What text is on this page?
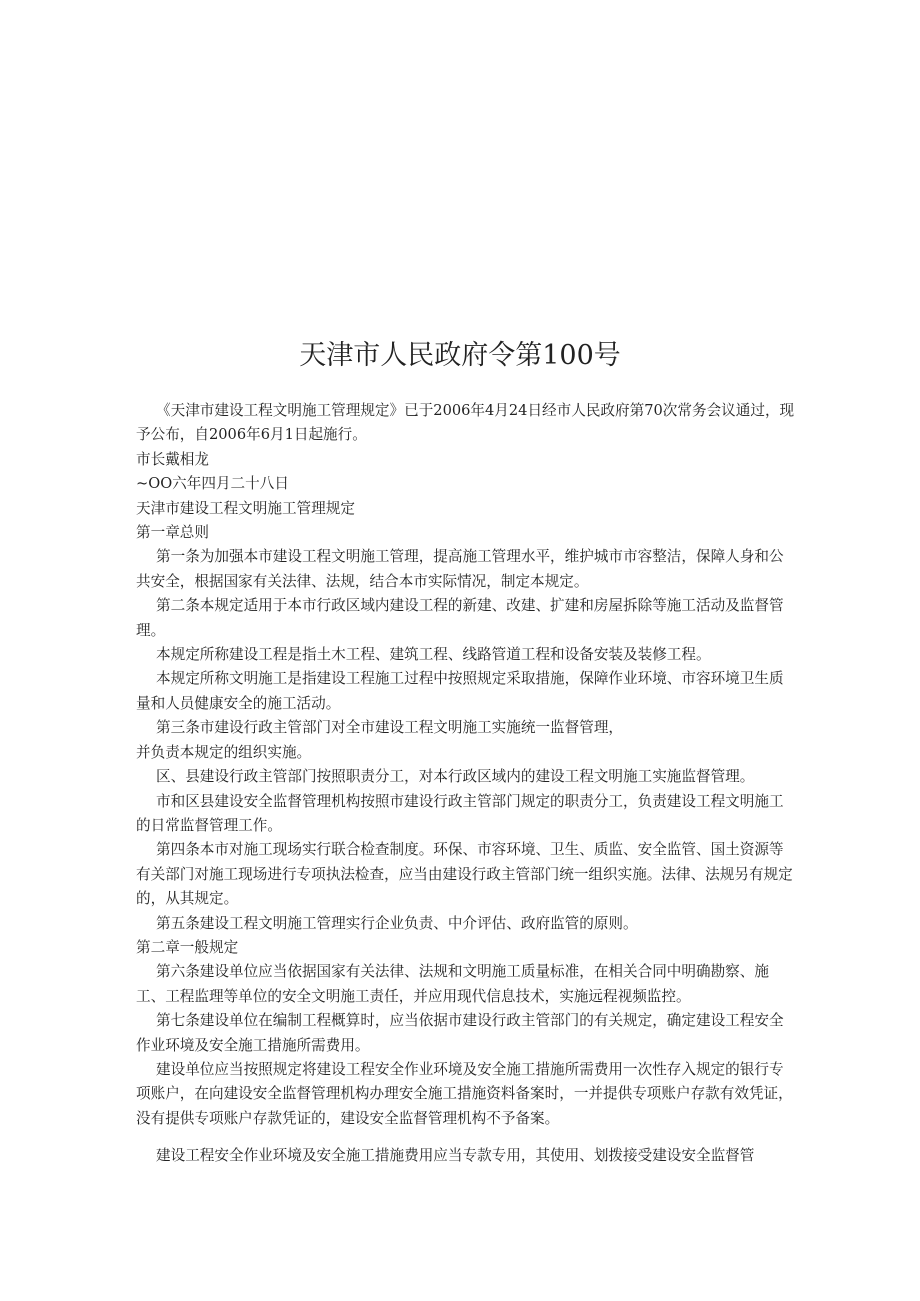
天津市人民政府令第100号

《天津市建设工程文明施工管理规定》已于2006年4月24日经市人民政府第70次常务会议通过，现予公布，自2006年6月1日起施行。

市长戴相龙

~OO六年四月二十八日

天津市建设工程文明施工管理规定

第一章总则

第一条为加强本市建设工程文明施工管理，提高施工管理水平，维护城市市容整洁，保障人身和公共安全，根据国家有关法律、法规，结合本市实际情况，制定本规定。

第二条本规定适用于本市行政区域内建设工程的新建、改建、扩建和房屋拆除等施工活动及监督管理。

本规定所称建设工程是指土木工程、建筑工程、线路管道工程和设备安装及装修工程。

本规定所称文明施工是指建设工程施工过程中按照规定采取措施，保障作业环境、市容环境卫生质量和人员健康安全的施工活动。

第三条市建设行政主管部门对全市建设工程文明施工实施统一监督管理，

并负责本规定的组织实施。

区、县建设行政主管部门按照职责分工，对本行政区域内的建设工程文明施工实施监督管理。

市和区县建设安全监督管理机构按照市建设行政主管部门规定的职责分工，负责建设工程文明施工的日常监督管理工作。

第四条本市对施工现场实行联合检查制度。环保、市容环境、卫生、质监、安全监管、国土资源等有关部门对施工现场进行专项执法检查，应当由建设行政主管部门统一组织实施。法律、法规另有规定的，从其规定。

第五条建设工程文明施工管理实行企业负责、中介评估、政府监管的原则。

第二章一般规定

第六条建设单位应当依据国家有关法律、法规和文明施工质量标准，在相关合同中明确勘察、施工、工程监理等单位的安全文明施工责任，并应用现代信息技术，实施远程视频监控。

第七条建设单位在编制工程概算时，应当依据市建设行政主管部门的有关规定，确定建设工程安全作业环境及安全施工措施所需费用。

建设单位应当按照规定将建设工程安全作业环境及安全施工措施所需费用一次性存入规定的银行专项账户，在向建设安全监督管理机构办理安全施工措施资料备案时，一并提供专项账户存款有效凭证，没有提供专项账户存款凭证的，建设安全监督管理机构不予备案。

建设工程安全作业环境及安全施工措施费用应当专款专用，其使用、划拨接受建设安全监督管
